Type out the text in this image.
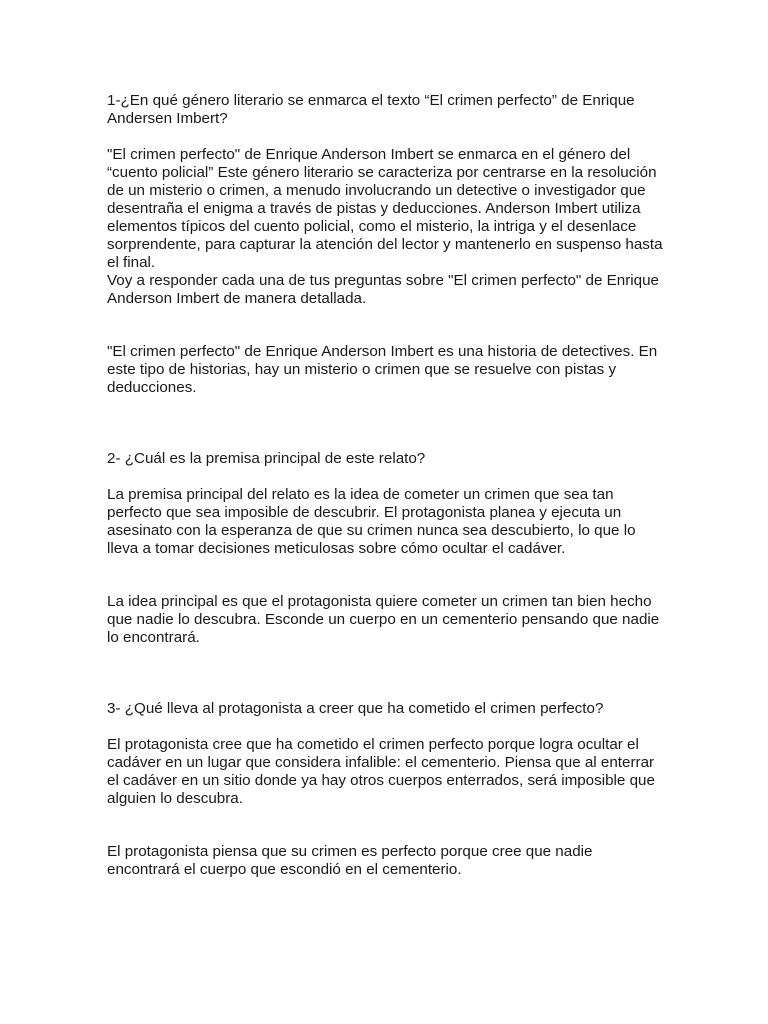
1-¿En qué género literario se enmarca el texto “El crimen perfecto” de Enrique
Andersen Imbert?

"El crimen perfecto" de Enrique Anderson Imbert se enmarca en el género del
“cuento policial” Este género literario se caracteriza por centrarse en la resolución
de un misterio o crimen, a menudo involucrando un detective o investigador que
desentraña el enigma a través de pistas y deducciones. Anderson Imbert utiliza
elementos típicos del cuento policial, como el misterio, la intriga y el desenlace
sorprendente, para capturar la atención del lector y mantenerlo en suspenso hasta
el final.
Voy a responder cada una de tus preguntas sobre "El crimen perfecto" de Enrique
Anderson Imbert de manera detallada.

"El crimen perfecto" de Enrique Anderson Imbert es una historia de detectives. En
este tipo de historias, hay un misterio o crimen que se resuelve con pistas y
deducciones.

2- ¿Cuál es la premisa principal de este relato?

La premisa principal del relato es la idea de cometer un crimen que sea tan
perfecto que sea imposible de descubrir. El protagonista planea y ejecuta un
asesinato con la esperanza de que su crimen nunca sea descubierto, lo que lo
lleva a tomar decisiones meticulosas sobre cómo ocultar el cadáver.

La idea principal es que el protagonista quiere cometer un crimen tan bien hecho
que nadie lo descubra. Esconde un cuerpo en un cementerio pensando que nadie
lo encontrará.

3- ¿Qué lleva al protagonista a creer que ha cometido el crimen perfecto?

El protagonista cree que ha cometido el crimen perfecto porque logra ocultar el
cadáver en un lugar que considera infalible: el cementerio. Piensa que al enterrar
el cadáver en un sitio donde ya hay otros cuerpos enterrados, será imposible que
alguien lo descubra.

El protagonista piensa que su crimen es perfecto porque cree que nadie
encontrará el cuerpo que escondió en el cementerio.
